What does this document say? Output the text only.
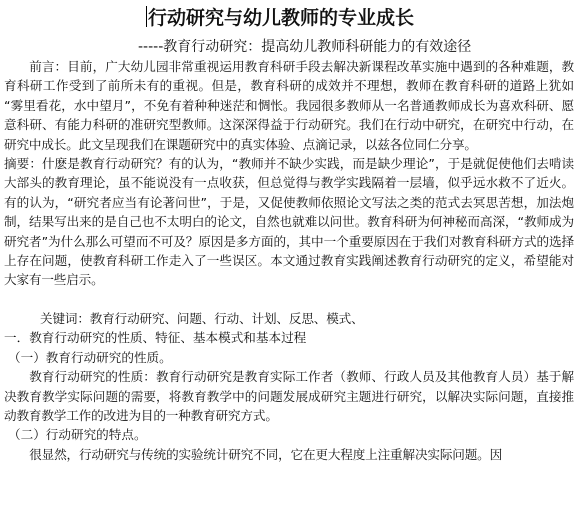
行动研究与幼儿教师的专业成长
-----教育行动研究：提高幼儿教师科研能力的有效途径

前言：目前，广大幼儿园非常重视运用教育科研手段去解决新课程改革实施中遇到的各种难题，教育科研工作受到了前所未有的重视。但是，教育科研的成效并不理想，教师在教育科研的道路上犹如 “雾里看花，水中望月”，不免有着种种迷茫和惆怅。我园很多教师从一名普通教师成长为喜欢科研、愿意科研、有能力科研的准研究型教师。这深深得益于行动研究。我们在行动中研究，在研究中行动，在研究中成长。此文呈现我们在课题研究中的真实体验、点滴记录，以兹各位同仁分享。

摘要：什麽是教育行动研究？有的认为，“教师并不缺少实践，而是缺少理论”，于是就促使他们去啃读大部头的教育理论，虽不能说没有一点收获，但总觉得与教学实践隔着一层墙，似乎远水救不了近火。有的认为，“研究者应当有论著问世”，于是，又促使教师依照论文写法之类的范式去冥思苦想，加法炮制，结果写出来的是自己也不太明白的论文，自然也就难以问世。教育科研为何神秘而高深，“教师成为研究者”为什么那么可望而不可及？原因是多方面的，其中一个重要原因在于我们对教育科研方式的选择上存在问题，使教育科研工作走入了一些误区。本文通过教育实践阐述教育行动研究的定义，希望能对大家有一些启示。

关键词：教育行动研究、问题、行动、计划、反思、模式、

一．教育行动研究的性质、特征、基本模式和基本过程

（一）教育行动研究的性质。

教育行动研究的性质：教育行动研究是教育实际工作者（教师、行政人员及其他教育人员）基于解决教育教学实际问题的需要，将教育教学中的问题发展成研究主题进行研究，以解决实际问题，直接推动教育教学工作的改进为目的一种教育研究方式。

（二）行动研究的特点。

很显然，行动研究与传统的实验统计研究不同，它在更大程度上注重解决实际问题。因
